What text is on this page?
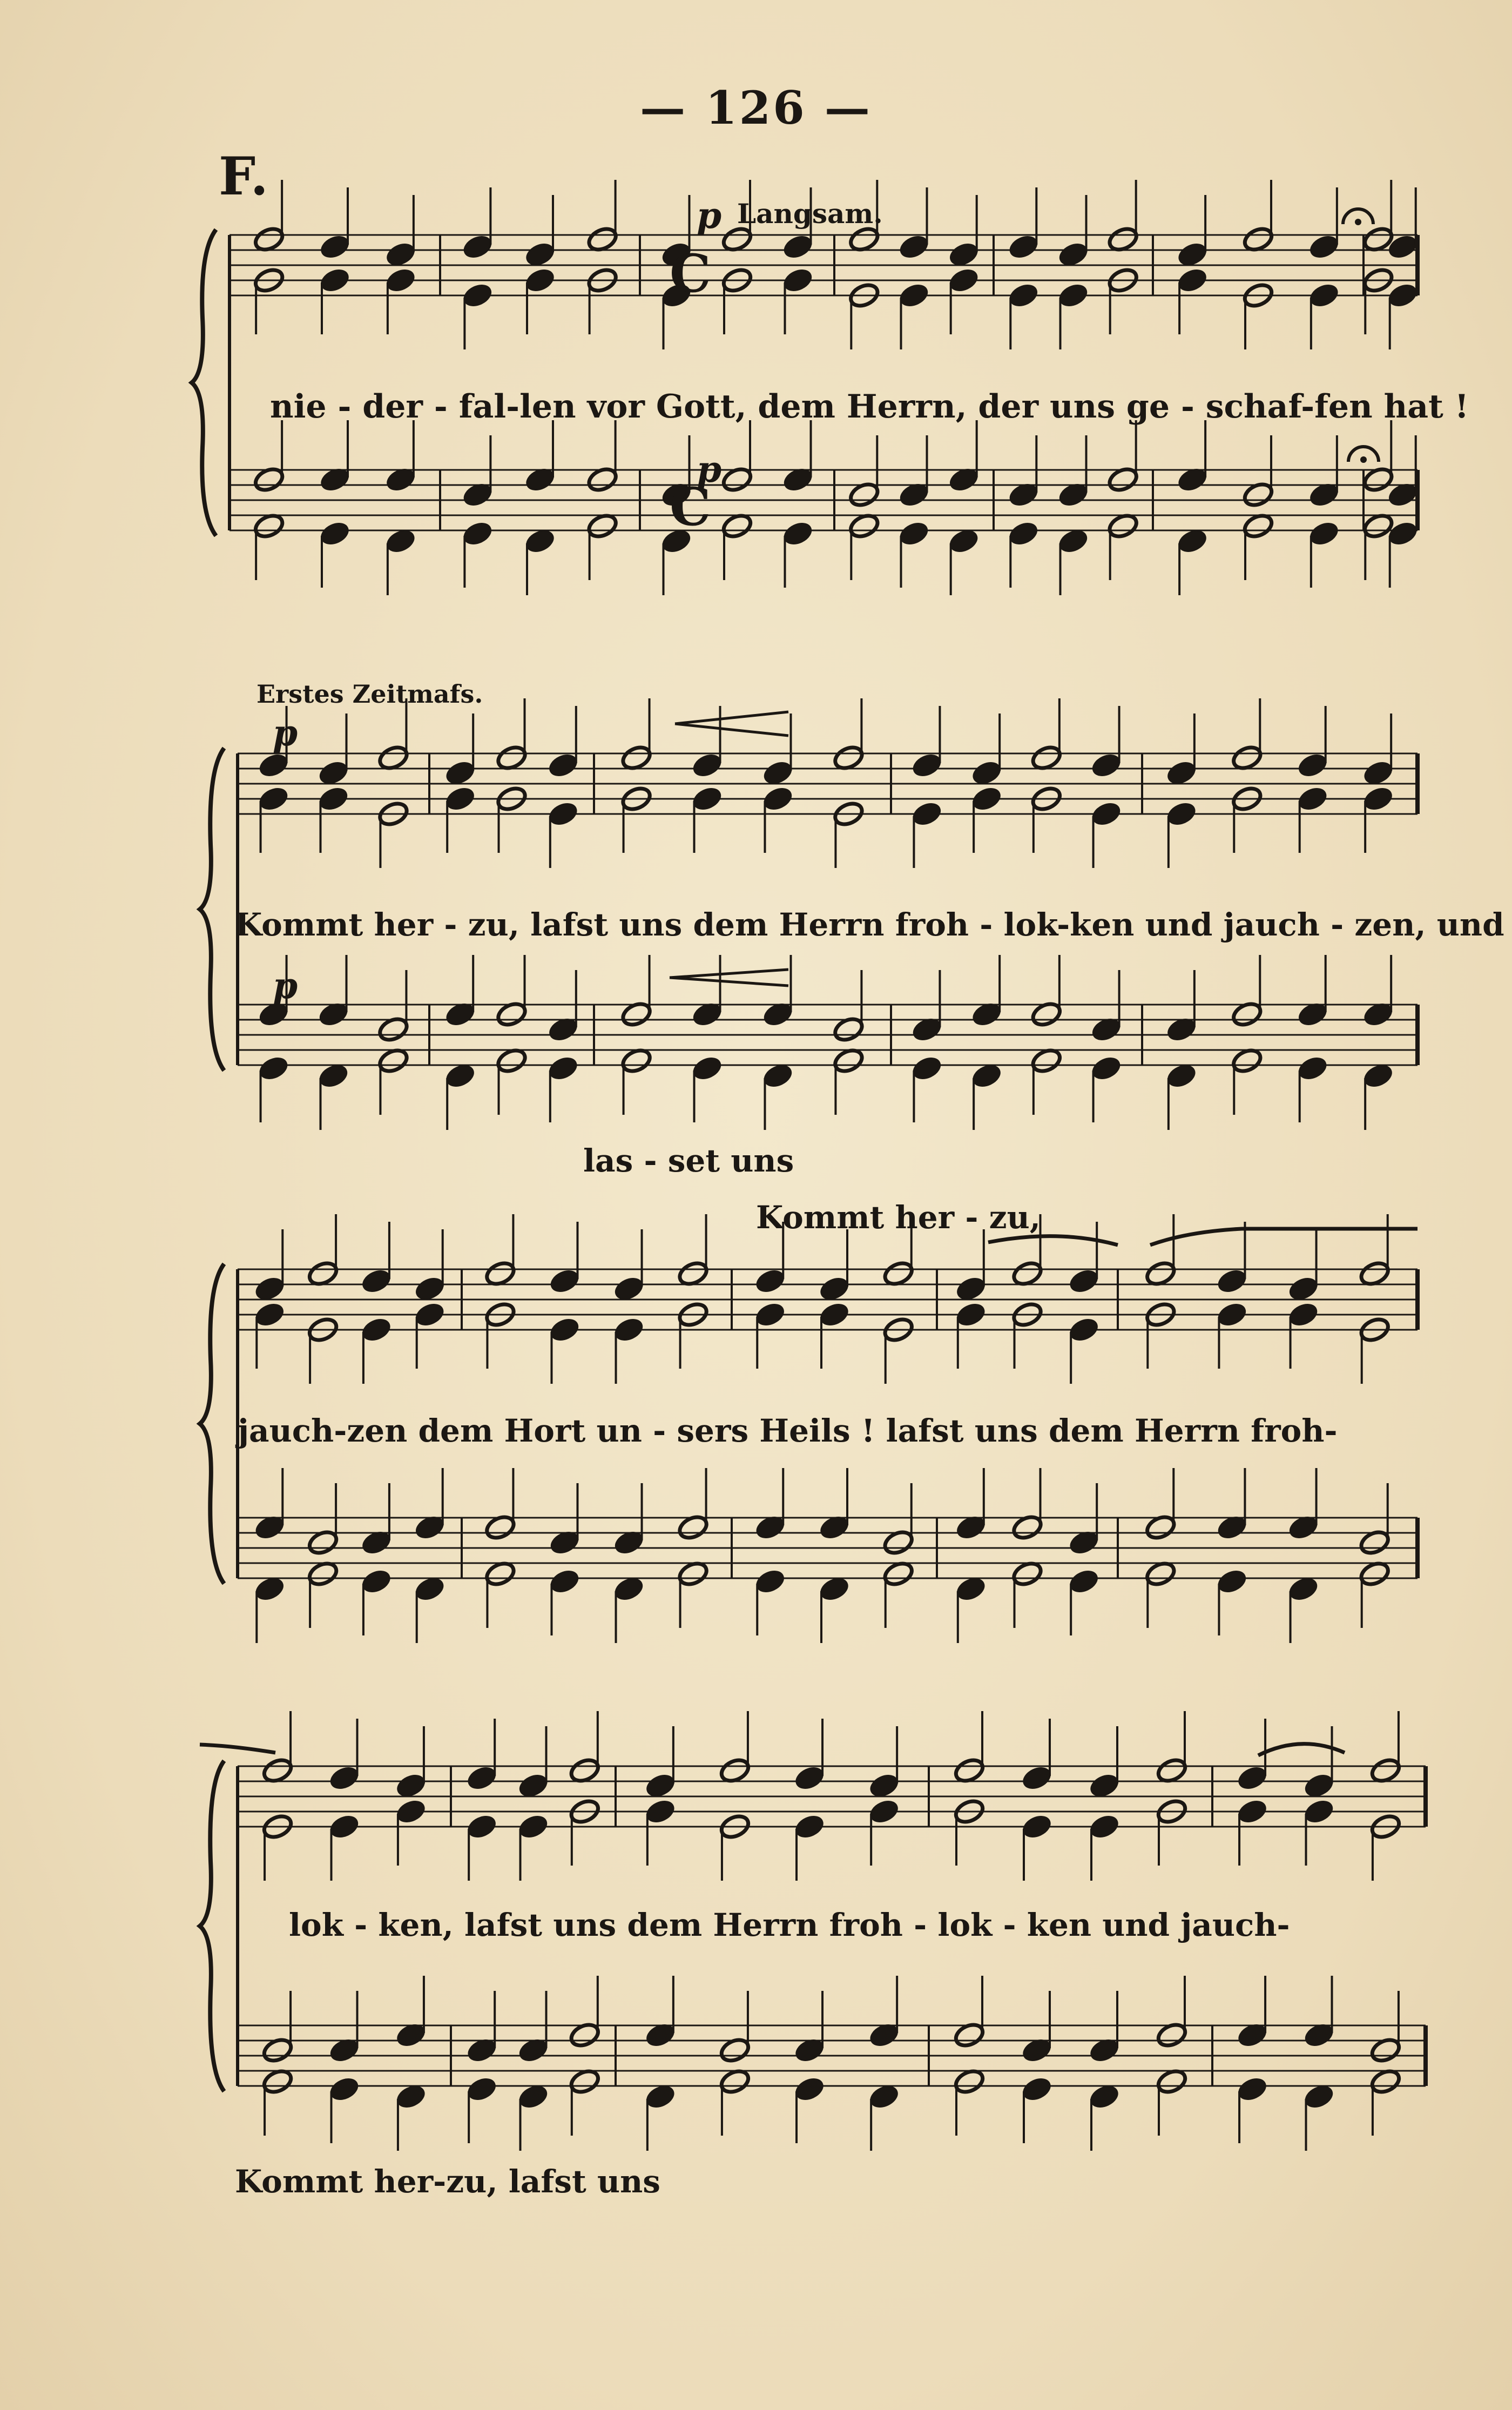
— 126 —
F.
p Langsam.
p
nie - der - fal-len vor Gott, dem Herrn, der uns ge - schaf-fen hat !
Erstes Zeitmafs.
p
p
Kommt her - zu, lafst uns dem Herrn froh - lok-ken und jauch - zen, und
las - set uns
Kommt her - zu,
jauch-zen dem Hort un - sers Heils ! lafst uns dem Herrn froh-
lok - ken, lafst uns dem Herrn froh - lok - ken und jauch-
Kommt her-zu, lafst uns
C
C
